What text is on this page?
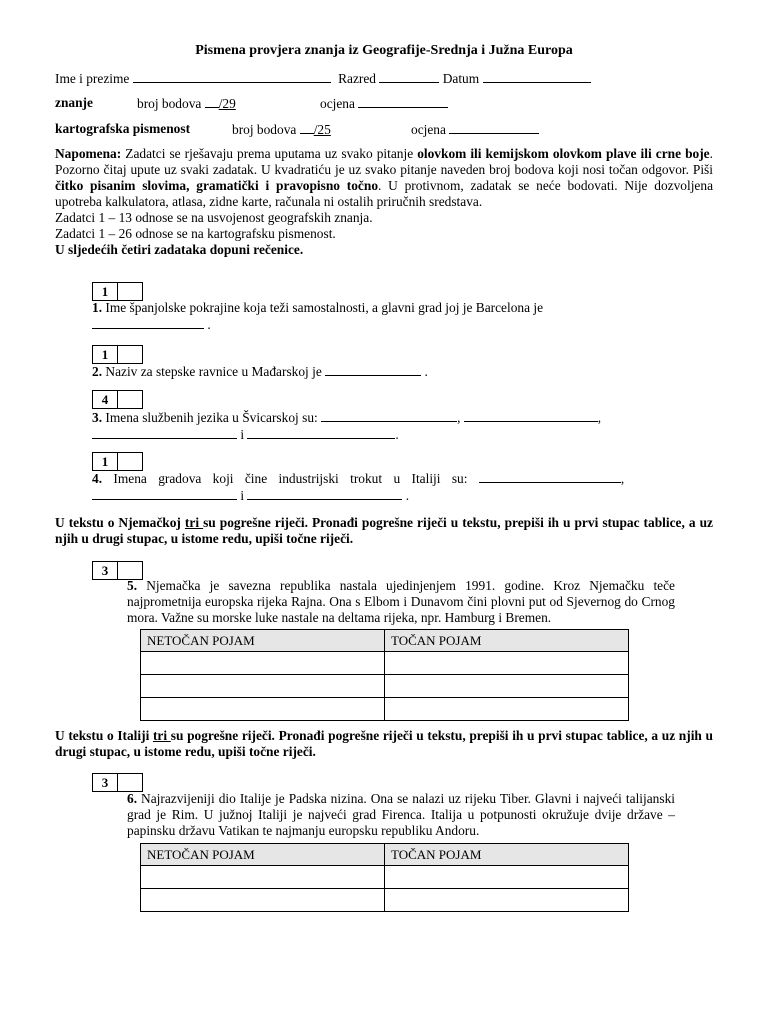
Pismena provjera znanja iz Geografije-Srednja i Južna Europa
Ime i prezime	Razred	Datum
znanje	broj bodova /29	ocjena
kartografska pismenost	broj bodova /25	ocjena

Napomena: Zadatci se rješavaju prema uputama uz svako pitanje olovkom ili kemijskom olovkom plave ili crne boje. Pozorno čitaj upute uz svaki zadatak. U kvadratiću je uz svako pitanje naveden broj bodova koji nosi točan odgovor. Piši čitko pisanim slovima, gramatički i pravopisno točno. U protivnom, zadatak se neće bodovati. Nije dozvoljena upotreba kalkulatora, atlasa, zidne karte, računala ni ostalih priručnih sredstava.

Zadatci 1 – 13 odnose se na usvojenost geografskih znanja.

Zadatci 1 – 26 odnose se na kartografsku pismenost.

U sljedećih četiri zadataka dopuni rečenice.

1
1. Ime španjolske pokrajine koja teži samostalnosti, a glavni grad joj je Barcelona je
.
1
2. Naziv za stepske ravnice u Mađarskoj je	.
4
3. Imena službenih jezika u Švicarskoj su:	,	,
i	.
1
4. Imena gradova koji čine industrijski trokut u Italiji su:	,
i	.
U tekstu o Njemačkoj tri su pogrešne riječi. Pronađi pogrešne riječi u tekstu, prepiši ih u prvi stupac tablice, a uz njih u drugi stupac, u istome redu, upiši točne riječi.
3
5. Njemačka je savezna republika nastala ujedinjenjem 1991. godine. Kroz Njemačku teče najprometnija europska rijeka Rajna. Ona s Elbom i Dunavom čini plovni put od Sjevernog do Crnog mora. Važne su morske luke nastale na deltama rijeka, npr. Hamburg i Bremen.
NETOČAN POJAM	TOČAN POJAM

U tekstu o Italiji tri su pogrešne riječi. Pronađi pogrešne riječi u tekstu, prepiši ih u prvi stupac tablice, a uz njih u drugi stupac, u istome redu, upiši točne riječi.
3
6. Najrazvijeniji dio Italije je Padska nizina. Ona se nalazi uz rijeku Tiber. Glavni i najveći talijanski grad je Rim. U južnoj Italiji je najveći grad Firenca. Italija u potpunosti okružuje dvije države – papinsku državu Vatikan te najmanju europsku republiku Andoru.
NETOČAN POJAM	TOČAN POJAM
